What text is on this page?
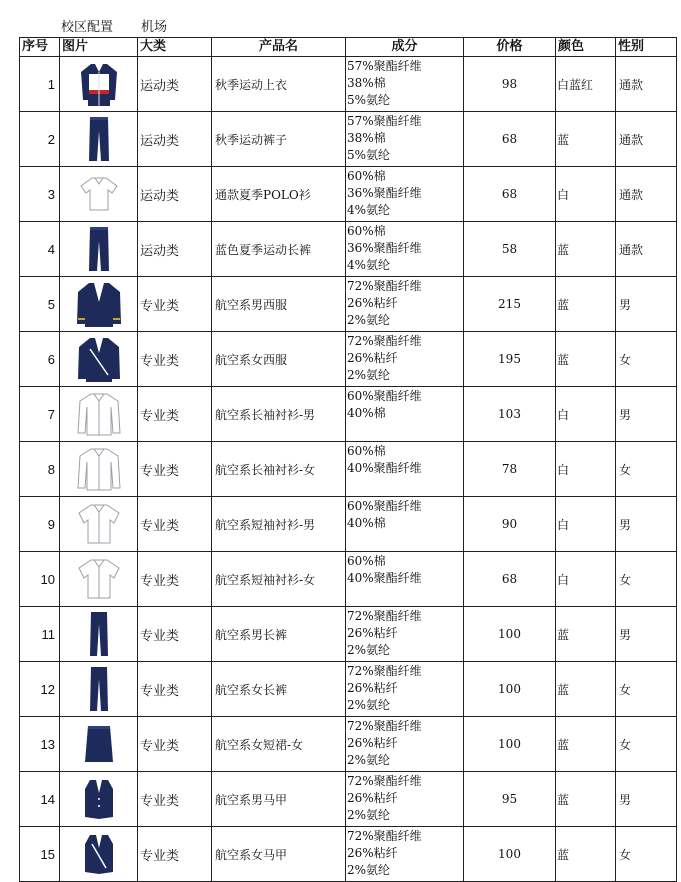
校区配置 机场
序号	图片	大类	产品名	成分	价格	颜色	性别
1		运动类	秋季运动上衣	57%聚酯纤维
38%棉
5%氨纶	98	白蓝红	通款
2		运动类	秋季运动裤子	57%聚酯纤维
38%棉
5%氨纶	68	蓝	通款
3		运动类	通款夏季POLO衫	60%棉
36%聚酯纤维
4%氨纶	68	白	通款
4		运动类	蓝色夏季运动长裤	60%棉
36%聚酯纤维
4%氨纶	58	蓝	通款
5		专业类	航空系男西服	72%聚酯纤维
26%粘纤
2%氨纶	215	蓝	男
6		专业类	航空系女西服	72%聚酯纤维
26%粘纤
2%氨纶	195	蓝	女
7		专业类	航空系长袖衬衫-男	60%聚酯纤维
40%棉	103	白	男
8		专业类	航空系长袖衬衫-女	60%棉
40%聚酯纤维	78	白	女
9		专业类	航空系短袖衬衫-男	60%聚酯纤维
40%棉	90	白	男
10		专业类	航空系短袖衬衫-女	60%棉
40%聚酯纤维	68	白	女
11		专业类	航空系男长裤	72%聚酯纤维
26%粘纤
2%氨纶	100	蓝	男
12		专业类	航空系女长裤	72%聚酯纤维
26%粘纤
2%氨纶	100	蓝	女
13		专业类	航空系女短裙-女	72%聚酯纤维
26%粘纤
2%氨纶	100	蓝	女
14		专业类	航空系男马甲	72%聚酯纤维
26%粘纤
2%氨纶	95	蓝	男
15		专业类	航空系女马甲	72%聚酯纤维
26%粘纤
2%氨纶	100	蓝	女
